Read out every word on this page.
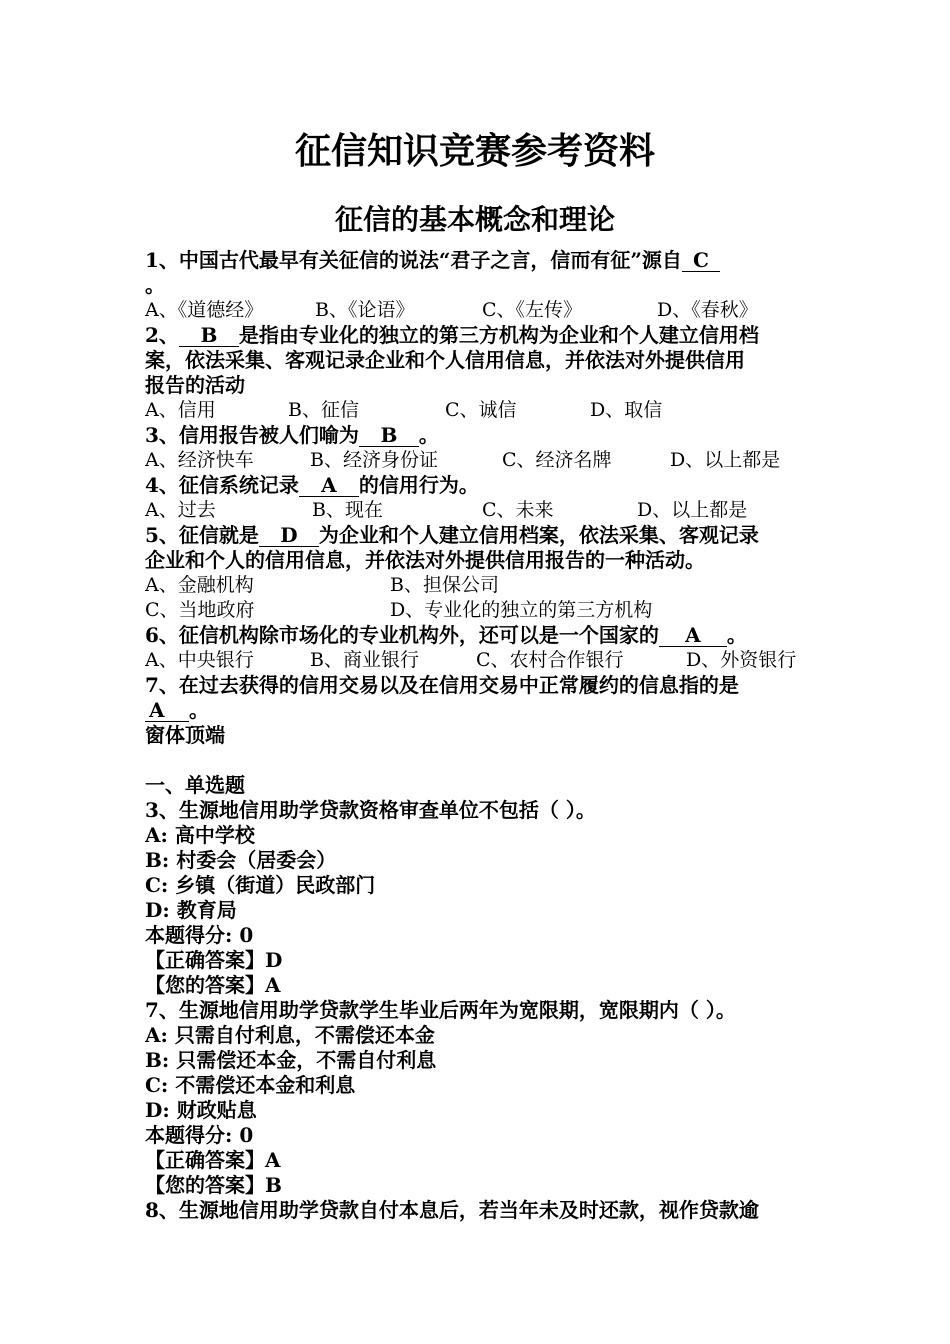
征信知识竞赛参考资料
征信的基本概念和理论
1、中国古代最早有关征信的说法“君子之言，信而有征”源自 C
。
A、《道德经》	B、《论语》	C、《左传》	D、《春秋》
2、 B 是指由专业化的独立的第三方机构为企业和个人建立信用档
案，依法采集、客观记录企业和个人信用信息，并依法对外提供信用
报告的活动
A、信用	B、征信	C、诚信	D、取信
3、信用报告被人们喻为 B 。
A、经济快车	B、经济身份证	C、经济名牌	D、以上都是
4、征信系统记录 A 的信用行为。
A、过去	B、现在	C、未来	D、以上都是
5、征信就是 D 为企业和个人建立信用档案，依法采集、客观记录
企业和个人的信用信息，并依法对外提供信用报告的一种活动。
A、金融机构	B、担保公司
C、当地政府	D、专业化的独立的第三方机构
6、征信机构除市场化的专业机构外，还可以是一个国家的 A 。
A、中央银行	B、商业银行	C、农村合作银行	D、外资银行
7、在过去获得的信用交易以及在信用交易中正常履约的信息指的是
A 。
窗体顶端
一、单选题
3、生源地信用助学贷款资格审查单位不包括（ ）。
A: 高中学校
B: 村委会（居委会）
C: 乡镇（街道）民政部门
D: 教育局
本题得分: 0
【正确答案】D
【您的答案】A
7、生源地信用助学贷款学生毕业后两年为宽限期，宽限期内（ ）。
A: 只需自付利息，不需偿还本金
B: 只需偿还本金，不需自付利息
C: 不需偿还本金和利息
D: 财政贴息
本题得分: 0
【正确答案】A
【您的答案】B
8、生源地信用助学贷款自付本息后，若当年未及时还款，视作贷款逾
